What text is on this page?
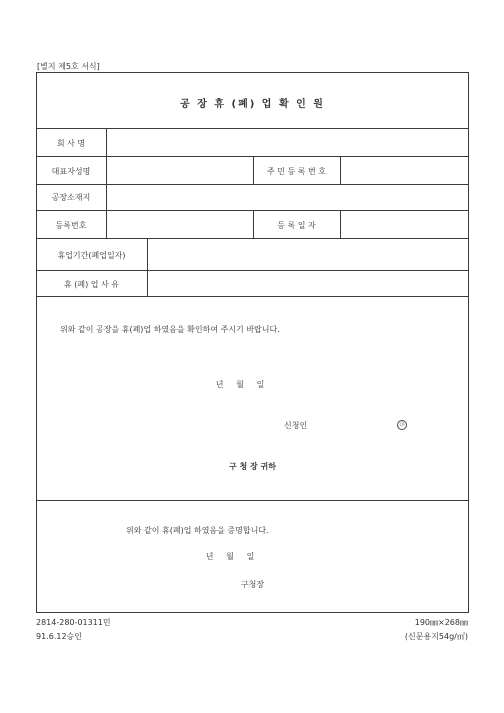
[별지 제5호 서식]
공 장 휴 (폐) 업 확 인 원
회 사 명
대표자성명	주 민 등 록 번 호
공장소재지
등록번호	등 록 일 자
휴업기간(폐업일자)
휴 (폐) 업 사 유
위와 같이 공장을 휴(폐)업 하였음을 확인하여 주시기 바랍니다.
년     월     일
신청인	㊞
구 청 장 귀하
위와 같이 휴(폐)업 하였음을 증명합니다.
년     월     일
구청장
2814-280-01311민
91.6.12승인
190㎜×268㎜
(신문용지54g/㎡)
